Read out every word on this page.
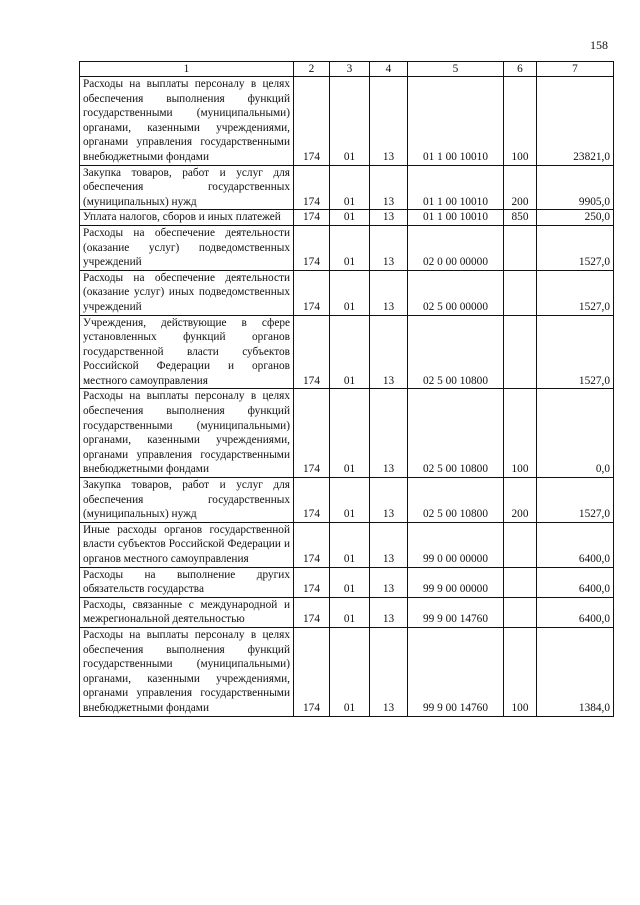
158
1	2	3	4	5	6	7
Расходы на выплаты персоналу в целях обеспечения выполнения функций государственными (муниципальными) органами, казенными учреждениями, органами управления государственными внебюджетными фондами	174	01	13	01 1 00 10010	100	23821,0
Закупка товаров, работ и услуг для обеспечения государственных (муниципальных) нужд	174	01	13	01 1 00 10010	200	9905,0
Уплата налогов, сборов и иных платежей	174	01	13	01 1 00 10010	850	250,0
Расходы на обеспечение деятельности (оказание услуг) подведомственных учреждений	174	01	13	02 0 00 00000		1527,0
Расходы на обеспечение деятельности (оказание услуг) иных подведомственных учреждений	174	01	13	02 5 00 00000		1527,0
Учреждения, действующие в сфере установленных функций органов государственной власти субъектов Российской Федерации и органов местного самоуправления	174	01	13	02 5 00 10800		1527,0
Расходы на выплаты персоналу в целях обеспечения выполнения функций государственными (муниципальными) органами, казенными учреждениями, органами управления государственными внебюджетными фондами	174	01	13	02 5 00 10800	100	0,0
Закупка товаров, работ и услуг для обеспечения государственных (муниципальных) нужд	174	01	13	02 5 00 10800	200	1527,0
Иные расходы органов государственной власти субъектов Российской Федерации и органов местного самоуправления	174	01	13	99 0 00 00000		6400,0
Расходы на выполнение других обязательств государства	174	01	13	99 9 00 00000		6400,0
Расходы, связанные с международной и межрегиональной деятельностью	174	01	13	99 9 00 14760		6400,0
Расходы на выплаты персоналу в целях обеспечения выполнения функций государственными (муниципальными) органами, казенными учреждениями, органами управления государственными внебюджетными фондами	174	01	13	99 9 00 14760	100	1384,0
